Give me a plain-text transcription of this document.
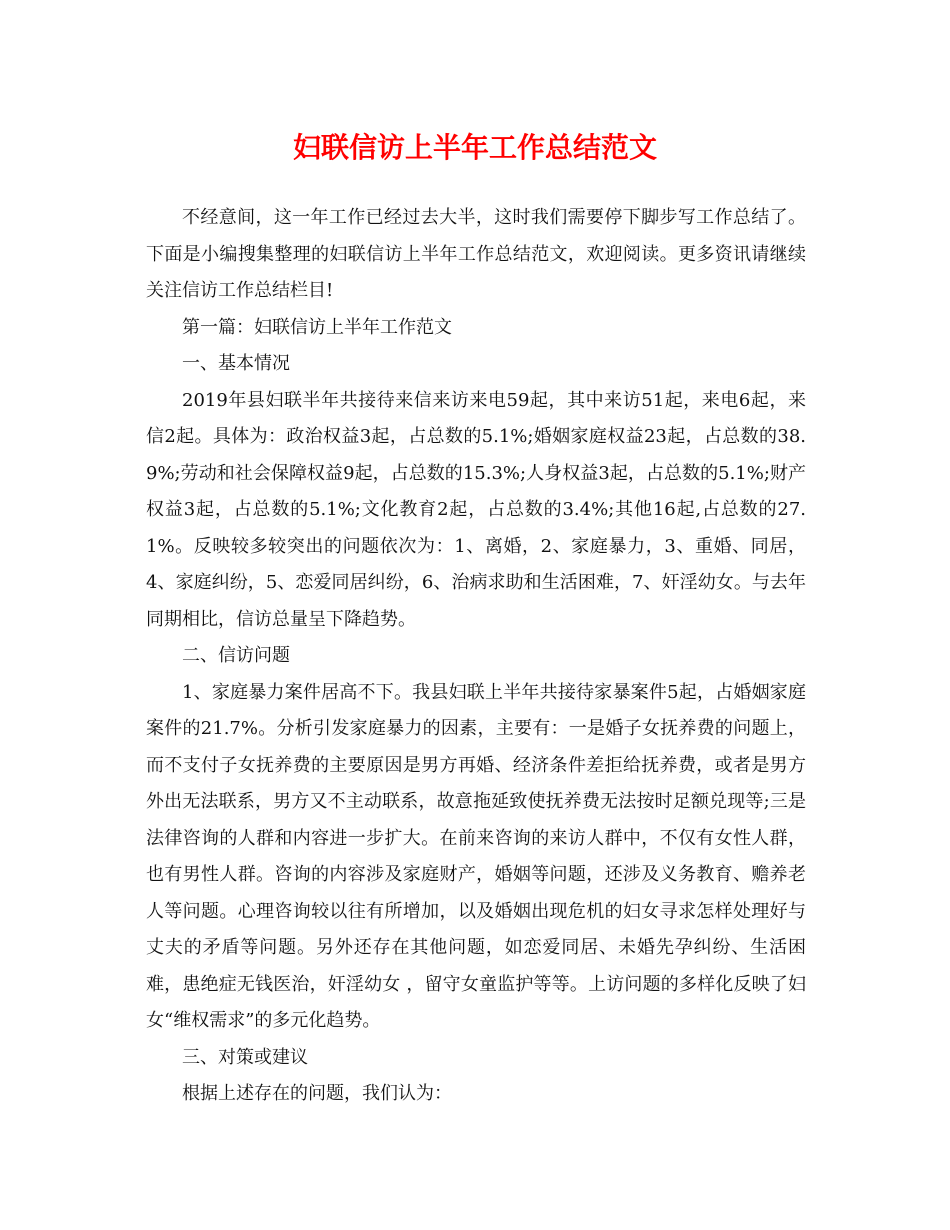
妇联信访上半年工作总结范文

不经意间，这一年工作已经过去大半，这时我们需要停下脚步写工作总结了。下面是小编搜集整理的妇联信访上半年工作总结范文，欢迎阅读。更多资讯请继续关注信访工作总结栏目!

第一篇：妇联信访上半年工作范文

一、基本情况

2019年县妇联半年共接待来信来访来电59起，其中来访51起，来电6起，来信2起。具体为：政治权益3起，占总数的5.1%;婚姻家庭权益23起，占总数的38.9%;劳动和社会保障权益9起，占总数的15.3%;人身权益3起，占总数的5.1%;财产权益3起，占总数的5.1%;文化教育2起，占总数的3.4%;其他16起,占总数的27.1%。反映较多较突出的问题依次为：1、离婚，2、家庭暴力，3、重婚、同居，4、家庭纠纷，5、恋爱同居纠纷，6、治病求助和生活困难，7、奸淫幼女。与去年同期相比，信访总量呈下降趋势。

二、信访问题

1、家庭暴力案件居高不下。我县妇联上半年共接待家暴案件5起，占婚姻家庭案件的21.7%。分析引发家庭暴力的因素，主要有：一是婚子女抚养费的问题上，而不支付子女抚养费的主要原因是男方再婚、经济条件差拒给抚养费，或者是男方外出无法联系，男方又不主动联系，故意拖延致使抚养费无法按时足额兑现等;三是法律咨询的人群和内容进一步扩大。在前来咨询的来访人群中，不仅有女性人群，也有男性人群。咨询的内容涉及家庭财产，婚姻等问题，还涉及义务教育、赡养老人等问题。心理咨询较以往有所增加，以及婚姻出现危机的妇女寻求怎样处理好与丈夫的矛盾等问题。另外还存在其他问题，如恋爱同居、未婚先孕纠纷、生活困难，患绝症无钱医治，奸淫幼女 ，留守女童监护等等。上访问题的多样化反映了妇女“维权需求”的多元化趋势。

三、对策或建议

根据上述存在的问题，我们认为：
